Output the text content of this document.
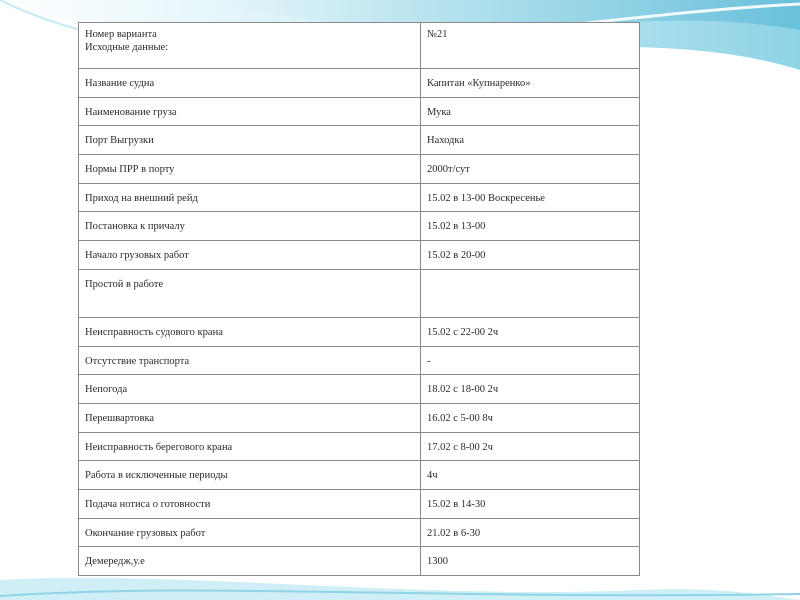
Номер варианта
Исходные данные:	№21
Название судна	Капитан «Купнаренко»
Наименование груза	Мука
Порт Выгрузки	Находка
Нормы ПРР в порту	2000т/сут
Приход на внешний рейд	15.02 в 13-00 Воскресенье
Постановка к причалу	15.02 в 13-00
Начало грузовых работ	15.02 в 20-00
Простой в работе	
Неисправность судового крана	15.02 с 22-00 2ч
Отсутствие транспорта	-
Непогода	18.02 с 18-00 2ч
Перешвартовка	16.02 с 5-00 8ч
Неисправность берегового крана	17.02 с 8-00 2ч
Работа в исключенные периоды	4ч
Подача нотиса о готовности	15.02 в 14-30
Окончание грузовых работ	21.02 в 6-30
Демередж,у.е	1300
